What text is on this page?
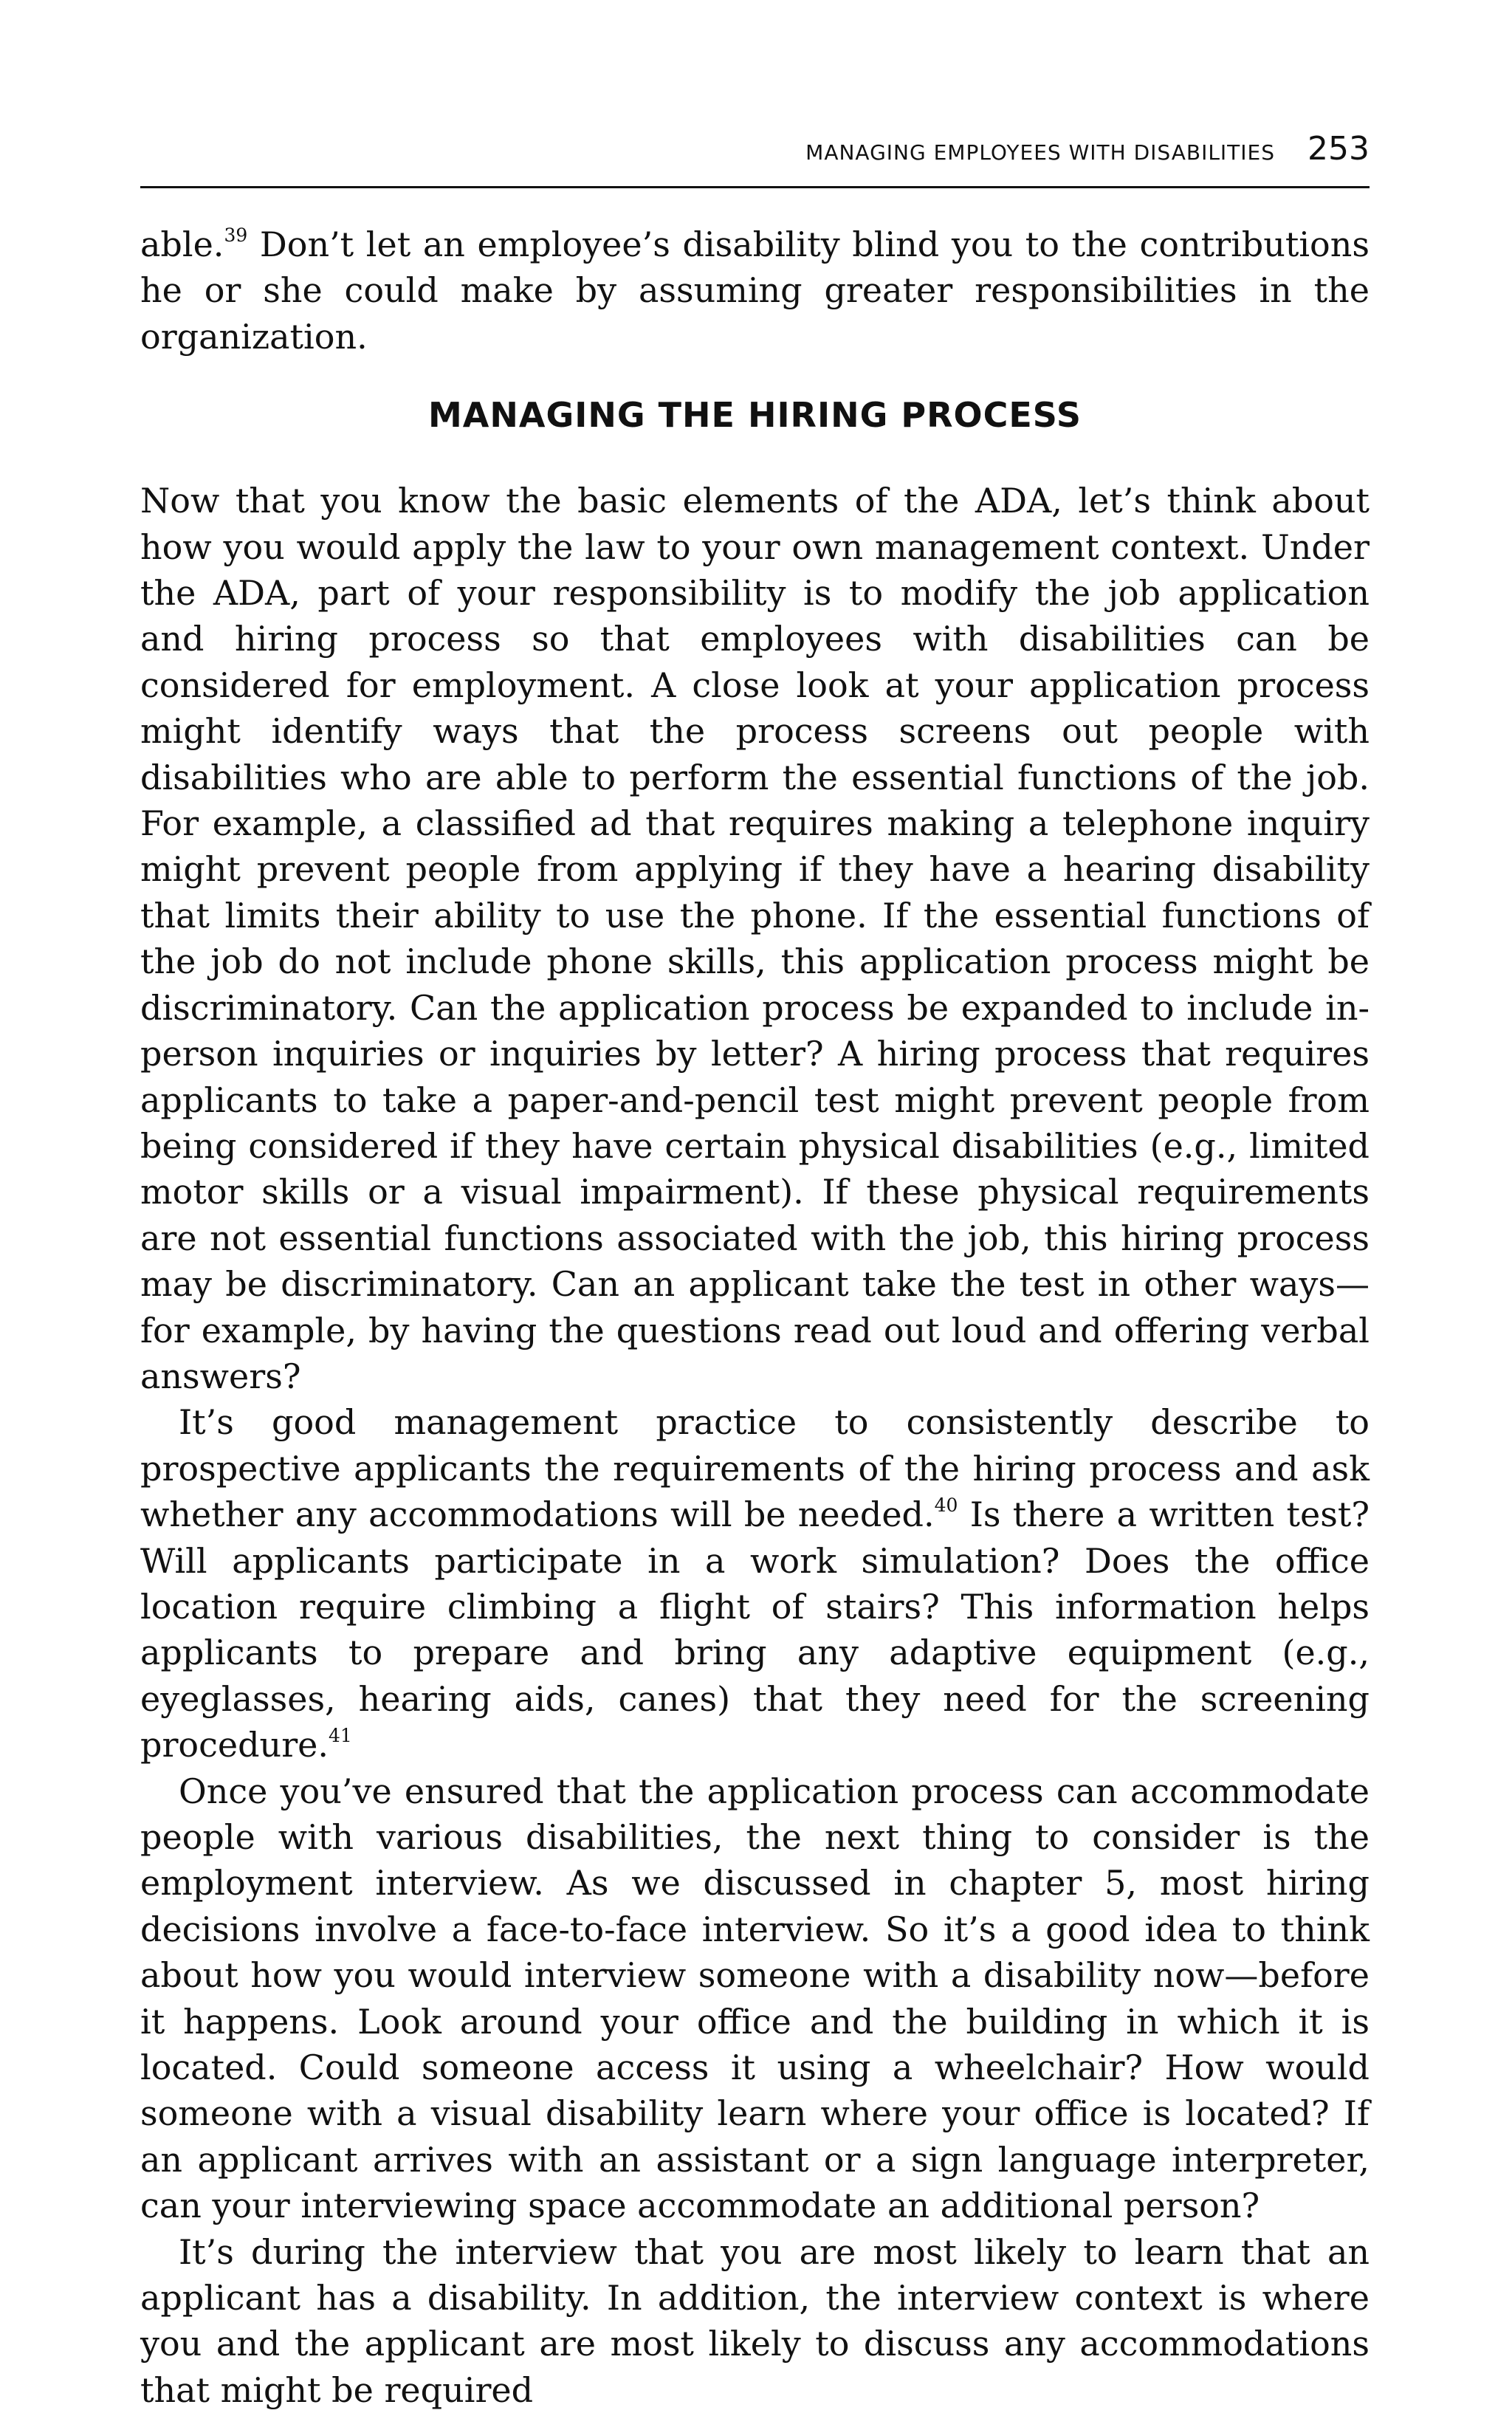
MANAGING EMPLOYEES WITH DISABILITIES 253

able.$^{39}$ Don’t let an employee’s disability blind you to the contributions he or she could make by assuming greater responsibilities in the organization.

MANAGING THE HIRING PROCESS

Now that you know the basic elements of the ADA, let’s think about how you would apply the law to your own management context. Under the ADA, part of your responsibility is to modify the job application and hiring process so that employees with disabilities can be considered for employment. A close look at your application process might identify ways that the process screens out people with disabilities who are able to perform the essential functions of the job. For example, a classified ad that requires making a telephone inquiry might prevent people from applying if they have a hearing disability that limits their ability to use the phone. If the essential functions of the job do not include phone skills, this application process might be discriminatory. Can the application process be expanded to include in-person inquiries or inquiries by letter? A hiring process that requires applicants to take a paper-and-pencil test might prevent people from being considered if they have certain physical disabilities (e.g., limited motor skills or a visual impairment). If these physical requirements are not essential functions associated with the job, this hiring process may be discriminatory. Can an applicant take the test in other ways—for example, by having the questions read out loud and offering verbal answers?

It’s good management practice to consistently describe to prospective applicants the requirements of the hiring process and ask whether any accommodations will be needed.$^{40}$ Is there a written test? Will applicants participate in a work simulation? Does the office location require climbing a flight of stairs? This information helps applicants to prepare and bring any adaptive equipment (e.g., eyeglasses, hearing aids, canes) that they need for the screening procedure.$^{41}$

Once you’ve ensured that the application process can accommodate people with various disabilities, the next thing to consider is the employment interview. As we discussed in chapter 5, most hiring decisions involve a face-to-face interview. So it’s a good idea to think about how you would interview someone with a disability now—before it happens. Look around your office and the building in which it is located. Could someone access it using a wheelchair? How would someone with a visual disability learn where your office is located? If an applicant arrives with an assistant or a sign language interpreter, can your interviewing space accommodate an additional person?

It’s during the interview that you are most likely to learn that an applicant has a disability. In addition, the interview context is where you and the applicant are most likely to discuss any accommodations that might be required
